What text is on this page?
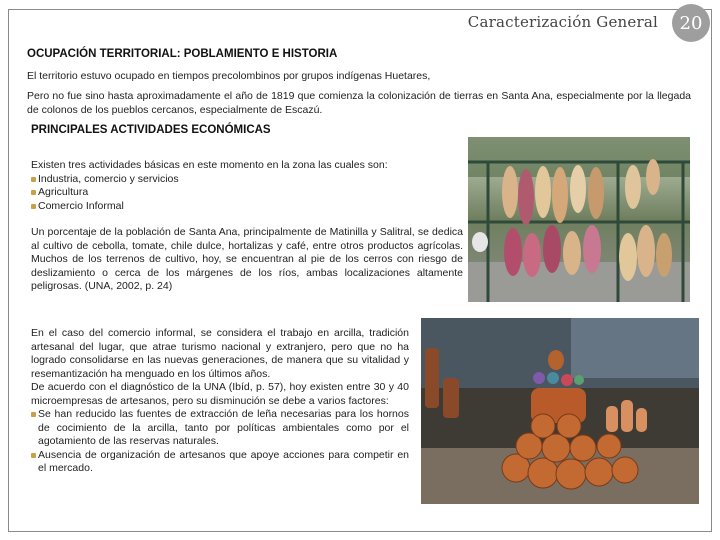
Caracterización General	20
OCUPACIÓN TERRITORIAL: POBLAMIENTO E HISTORIA

El territorio estuvo ocupado en tiempos precolombinos por grupos indígenas Huetares,

Pero no fue sino hasta aproximadamente el año de 1819 que comienza la colonización de tierras en Santa Ana, especialmente por la llegada de colonos de los pueblos cercanos, especialmente de Escazú.

PRINCIPALES ACTIVIDADES ECONÓMICAS
Existen tres actividades básicas en este momento en la zona las cuales son:
Industria, comercio y servicios
Agricultura
Comercio Informal

Un porcentaje de la población de Santa Ana, principalmente de Matinilla y Salitral, se dedica al cultivo de cebolla, tomate, chile dulce, hortalizas y café, entre otros productos agrícolas. Muchos de los terrenos de cultivo, hoy, se encuentran al pie de los cerros con riesgo de deslizamiento o cerca de los márgenes de los ríos, ambas localizaciones altamente peligrosas. (UNA, 2002, p. 24)

En el caso del comercio informal, se considera el trabajo en arcilla, tradición artesanal del lugar, que atrae turismo nacional y extranjero, pero que no ha logrado consolidarse en las nuevas generaciones, de manera que su vitalidad y resemantización ha menguado en los últimos años.
De acuerdo con el diagnóstico de la UNA (Ibíd, p. 57), hoy existen entre 30 y 40 microempresas de artesanos, pero su disminución se debe a varios factores:
Se han reducido las fuentes de extracción de leña necesarias para los hornos de cocimiento de la arcilla, tanto por políticas ambientales como por el agotamiento de las reservas naturales.
Ausencia de organización de artesanos que apoye acciones para competir en el mercado.
